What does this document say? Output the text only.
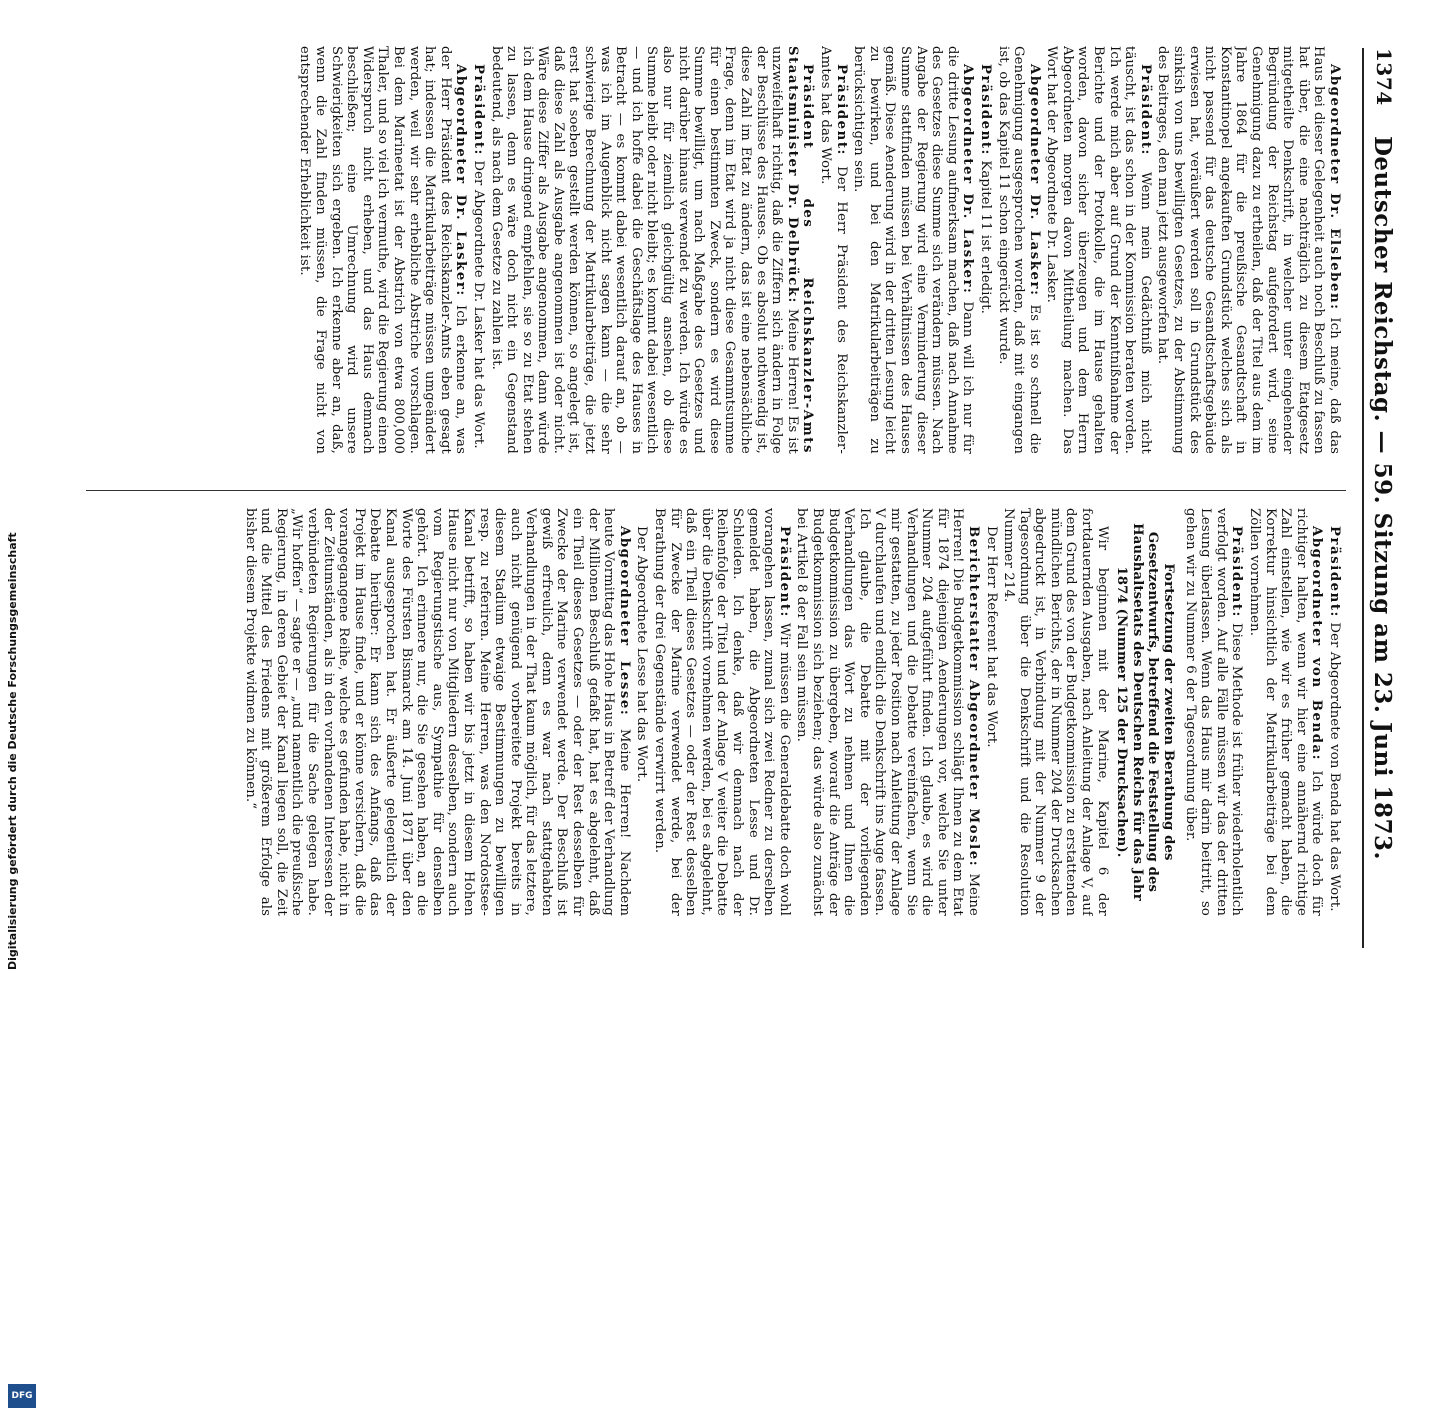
1374
Deutscher Reichstag. — 59. Sitzung am 23. Juni 1873.

Abgeordneter Dr. Elsleben: Ich meine, daß das Haus bei dieser Gelegenheit auch noch Beschluß zu fassen hat über, die eine nachträglich zu diesem Etatgesetz mitgetheilte Denkschrift, in welcher unter eingehender Begründung der Reichstag aufgefordert wird, seine Genehmigung dazu zu ertheilen, daß der Titel aus dem im Jahre 1864 für die preußische Gesandtschaft in Konstantinopel angekauften Grundstück welches sich als nicht passend für das deutsche Gesandtschaftsgebäude erwiesen hat, veräußert werden soll in Grundstück des sinkish von uns bewilligten Gesetzes, zu der Abstimmung des Beitrages, den man jetzt ausgeworfen hat.

Präsident: Wenn mein Gedächtniß mich nicht täuscht, ist das schon in der Kommission beraten worden. Ich werde mich aber auf Grund der Kenntnißnahme der Berichte und der Protokolle, die im Hause gehalten worden, davon sicher überzeugen und dem Herrn Abgeordneten morgen davon Mittheilung machen. Das Wort hat der Abgeordnete Dr. Lasker.

Abgeordneter Dr. Lasker: Es ist so schnell die Genehmigung ausgesprochen worden, daß mit eingangen ist, ob das Kapitel 11 schon eingerückt wurde.

Präsident: Kapitel 11 ist erledigt.

Abgeordneter Dr. Lasker: Dann will ich nur für die dritte Lesung aufmerksam machen, daß nach Annahme des Gesetzes diese Summe sich verändern müssen. Nach Angabe der Regierung wird eine Verminderung dieser Summe stattfinden müssen bei Verhältnissen des Hauses gemäß. Diese Aenderung wird in der dritten Lesung leicht zu bewirken, und bei den Matrikularbeiträgen zu berücksichtigen sein.

Präsident: Der Herr Präsident des Reichskanzler-Amtes hat das Wort.

Präsident des Reichskanzler-Amts Staatsminister Dr. Delbrück: Meine Herren! Es ist unzweifelhaft richtig, daß die Ziffern sich ändern in Folge der Beschlüsse des Hauses. Ob es absolut nothwendig ist, diese Zahl im Etat zu ändern, das ist eine nebensächliche Frage, denn im Etat wird ja nicht diese Gesammtsumme für einen bestimmten Zweck, sondern es wird diese Summe bewilligt, um nach Maßgabe des Gesetzes und nicht darüber hinaus verwendet zu werden. Ich würde es also nur für ziemlich gleichgültig ansehen, ob diese Summe bleibt oder nicht bleibt; es kommt dabei wesentlich — und ich hoffe dabei die Geschäftslage des Hauses in Betracht — es kommt dabei wesentlich darauf an, ob — was ich im Augenblick nicht sagen kann — die sehr schwierige Berechnung der Matrikularbeiträge, die jetzt erst hat soeben gestellt werden können, so angelegt ist, daß diese Zahl als Ausgabe angenommen ist oder nicht. Wäre diese Ziffer als Ausgabe angenommen, dann würde ich dem Hause dringend empfehlen, sie so zu Etat stehen zu lassen, denn es wäre doch nicht ein Gegenstand bedeutend, als nach dem Gesetze zu zahlen ist.

Präsident: Der Abgeordnete Dr. Lasker hat das Wort.

Abgeordneter Dr. Lasker: Ich erkenne an, was der Herr Präsident des Reichskanzler-Amts eben gesagt hat; indessen die Matrikularbeiträge müssen umgeändert werden, weil wir sehr erhebliche Abstriche vorschlagen. Bei dem Marineetat ist der Abstrich von etwa 800,000 Thaler, und so viel ich vermuthe, wird die Regierung einen Widerspruch nicht erheben, und das Haus demnach beschließen; eine Umrechnung wird unsere Schwierigkeiten sich ergeben. Ich erkenne aber an, daß, wenn die Zahl finden müssen, die Frage nicht von entsprechender Erheblichkeit ist.

Präsident: Der Abgeordnete von Benda hat das Wort.

Abgeordneter von Benda: Ich würde doch für richtiger halten, wenn wir hier eine annähernd richtige Zahl einstellen, wie wir es früher gemacht haben, die Korrektur hinsichtlich der Matrikularbeiträge bei dem Zöllen vornehmen.

Präsident: Diese Methode ist früher wiederholentlich verfolgt worden. Auf alle Fälle müssen wir das der dritten Lesung überlassen. Wenn das Haus mir darin beitritt, so gehen wir zu Nummer 6 der Tagesordnung über.

Fortsetzung der zweiten Berathung des Gesetzentwurfs, betreffend die Feststellung des Haushaltsetats des Deutschen Reichs für das Jahr 1874 (Nummer 125 der Drucksachen).

Wir beginnen mit der Marine, Kapitel 6 der fortdauernden Ausgaben, nach Anleitung der Anlage V, auf dem Grund des von der Budgetkommission zu erstattenden mündlichen Berichts, der in Nummer 204 der Drucksachen abgedruckt ist, in Verbindung mit der Nummer 9 der Tagesordnung über die Denkschrift und die Resolution Nummer 214.

Der Herr Referent hat das Wort.

Berichterstatter Abgeordneter Mosle: Meine Herren! Die Budgetkommission schlägt Ihnen zu dem Etat für 1874 diejenigen Aenderungen vor, welche Sie unter Nummer 204 aufgeführt finden. Ich glaube, es wird die Verhandlungen und die Debatte vereinfachen, wenn Sie mir gestatten, zu jeder Position nach Anleitung der Anlage V durchlaufen und endlich die Denkschrift ins Auge fassen. Ich glaube, die Debatte mit der vorliegenden Verhandlungen das Wort zu nehmen und Ihnen die Budgetkommission zu übergeben, worauf die Anträge der Budgetkommission sich beziehen; das würde also zunächst bei Artikel 8 der Fall sein müssen.

Präsident: Wir müssen die Generaldebatte doch wohl vorangehen lassen, zumal sich zwei Redner zu derselben gemeldet haben, die Abgeordneten Lesse und Dr. Schleiden. Ich denke, daß wir demnach nach der Reihenfolge der Titel und der Anlage V weiter die Debatte über die Denkschrift vornehmen werden, bei es abgelehnt, daß ein Theil dieses Gesetzes — oder der Rest desselben für Zwecke der Marine verwendet werde, bei der Berathung der drei Gegenstände verwirrt werden.

Der Abgeordnete Lesse hat das Wort.

Abgeordneter Lesse: Meine Herren! Nachdem heute Vormittag das Hohe Haus in Betreff der Verhandlung der Millionen Beschluß gefaßt hat, hat es abgelehnt, daß ein Theil dieses Gesetzes — oder der Rest desselben für Zwecke der Marine verwendet werde. Der Beschluß ist gewiß erfreulich, denn es war nach stattgehabten Verhandlungen in der That kaum möglich, für das letztere, auch nicht genügend vorbereitete Projekt bereits in diesem Stadium etwaige Bestimmungen zu bewilligen resp. zu referiren. Meine Herren, was den Nordostsee-Kanal betrifft, so haben wir bis jetzt in diesem Hohen Hause nicht nur von Mitgliedern desselben, sondern auch vom Regierungstische aus, Sympathie für denselben gehört. Ich erinnere nur, die Sie gesehen haben, an die Worte des Fürsten Bismarck am 14. Juni 1871 über den Kanal ausgesprochen hat. Er äußerte gelegentlich der Debatte hierüber: Er kann sich des Anfangs, daß das Projekt im Hause finde, und er könne versichern, daß die vorangegangene Reihe, welche es gefunden habe, nicht in der Zeitumständen, als in den vorhandenen Interessen der verbündeten Regierungen für die Sache gelegen habe. „Wir hoffen“ — sagte er — „und namentlich die preußische Regierung, in deren Gebiet der Kanal liegen soll, die Zeit und die Mittel des Friedens mit größerem Erfolge als bisher diesem Projekte widmen zu können.“

DFG
Digitalisierung gefördert durch die Deutsche Forschungsgemeinschaft
